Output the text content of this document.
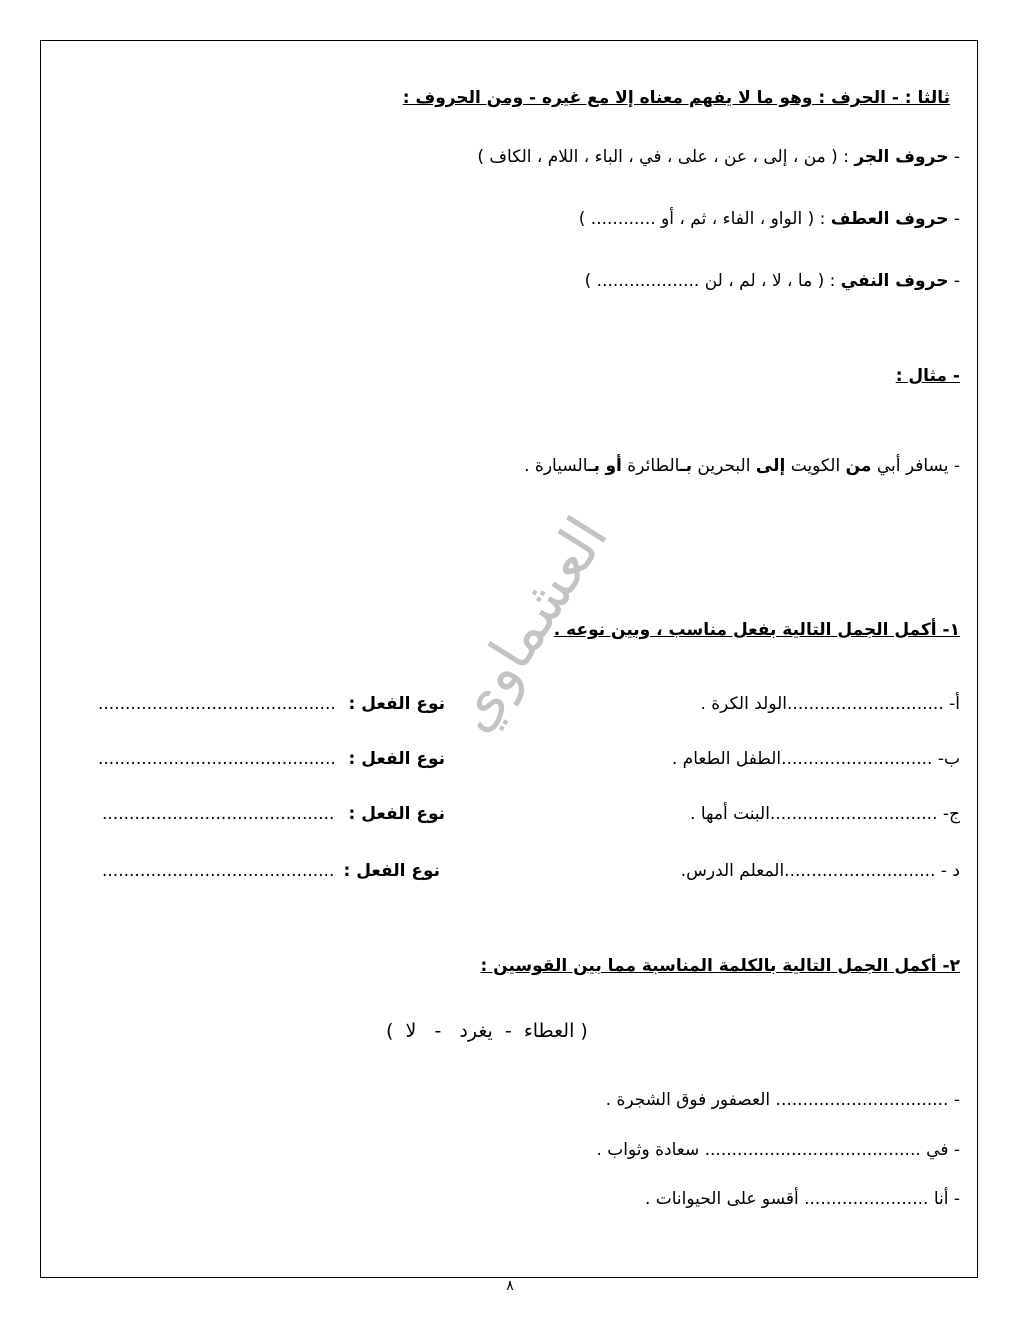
ثالثا : - الحرف : وهو ما لا يفهم معناه إلا مع غيره - ومن الحروف :
- حروف الجر : ( من ، إلى ، عن ، على ، في ، الباء ، اللام ، الكاف )
- حروف العطف : ( الواو ، الفاء ، ثم ، أو ............ )
- حروف النفي : ( ما ، لا ، لم ، لن ................... )
- مثال :
- يسافر أبي من الكويت إلى البحرين بـالطائرة أو بـالسيارة .
العشماوي
١- أكمل الجمل التالية بفعل مناسب ، وبين نوعه .
أ- .............................الولد الكرة .
نوع الفعل :
............................................
ب- ............................الطفل الطعام .
نوع الفعل :
............................................
ج- ...............................البنت أمها .
نوع الفعل :
...........................................
د - ............................المعلم الدرس.
نوع الفعل :
...........................................
٢- أكمل الجمل التالية بالكلمة المناسبة مما بين القوسين :
( العطاء  -  يغرد   -   لا  )
- ................................ العصفور فوق الشجرة .
- في ........................................ سعادة وثواب .
- أنا ....................... أقسو على الحيوانات .
٨
